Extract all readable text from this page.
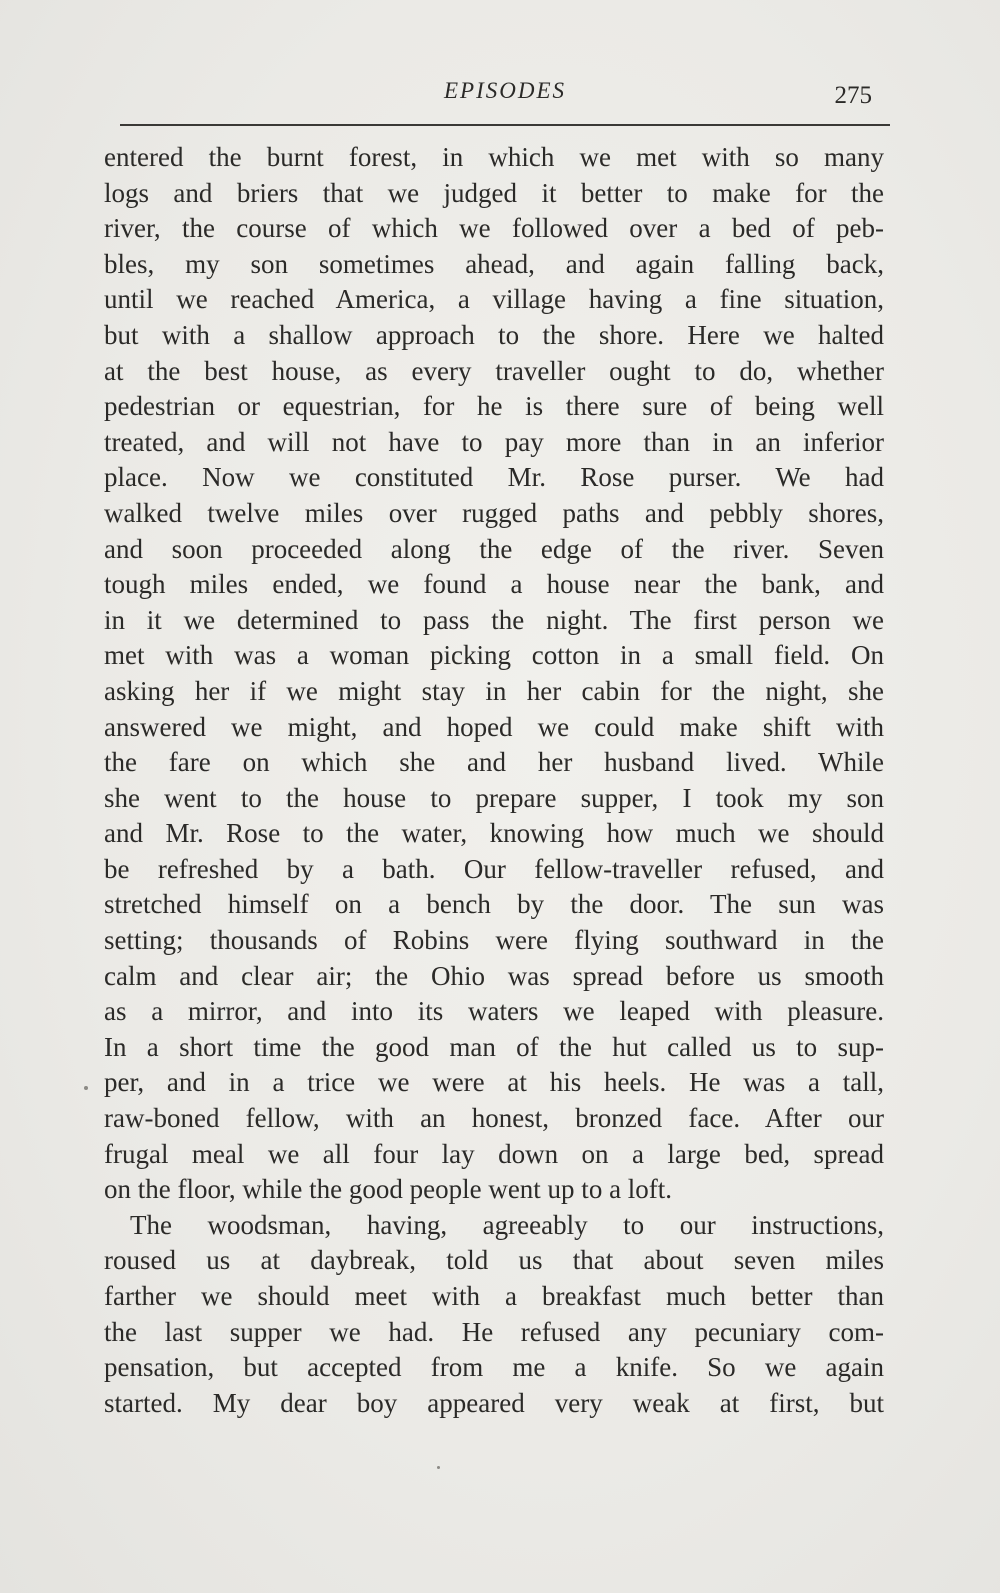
EPISODES	275
entered the burnt forest, in which we met with so many
logs and briers that we judged it better to make for the
river, the course of which we followed over a bed of peb-
bles, my son sometimes ahead, and again falling back,
until we reached America, a village having a fine situation,
but with a shallow approach to the shore. Here we halted
at the best house, as every traveller ought to do, whether
pedestrian or equestrian, for he is there sure of being well
treated, and will not have to pay more than in an inferior
place. Now we constituted Mr. Rose purser. We had
walked twelve miles over rugged paths and pebbly shores,
and soon proceeded along the edge of the river. Seven
tough miles ended, we found a house near the bank, and
in it we determined to pass the night. The first person we
met with was a woman picking cotton in a small field. On
asking her if we might stay in her cabin for the night, she
answered we might, and hoped we could make shift with
the fare on which she and her husband lived. While
she went to the house to prepare supper, I took my son
and Mr. Rose to the water, knowing how much we should
be refreshed by a bath. Our fellow-traveller refused, and
stretched himself on a bench by the door. The sun was
setting; thousands of Robins were flying southward in the
calm and clear air; the Ohio was spread before us smooth
as a mirror, and into its waters we leaped with pleasure.
In a short time the good man of the hut called us to sup-
per, and in a trice we were at his heels. He was a tall,
raw-boned fellow, with an honest, bronzed face. After our
frugal meal we all four lay down on a large bed, spread
on the floor, while the good people went up to a loft.
The woodsman, having, agreeably to our instructions,
roused us at daybreak, told us that about seven miles
farther we should meet with a breakfast much better than
the last supper we had. He refused any pecuniary com-
pensation, but accepted from me a knife. So we again
started. My dear boy appeared very weak at first, but
